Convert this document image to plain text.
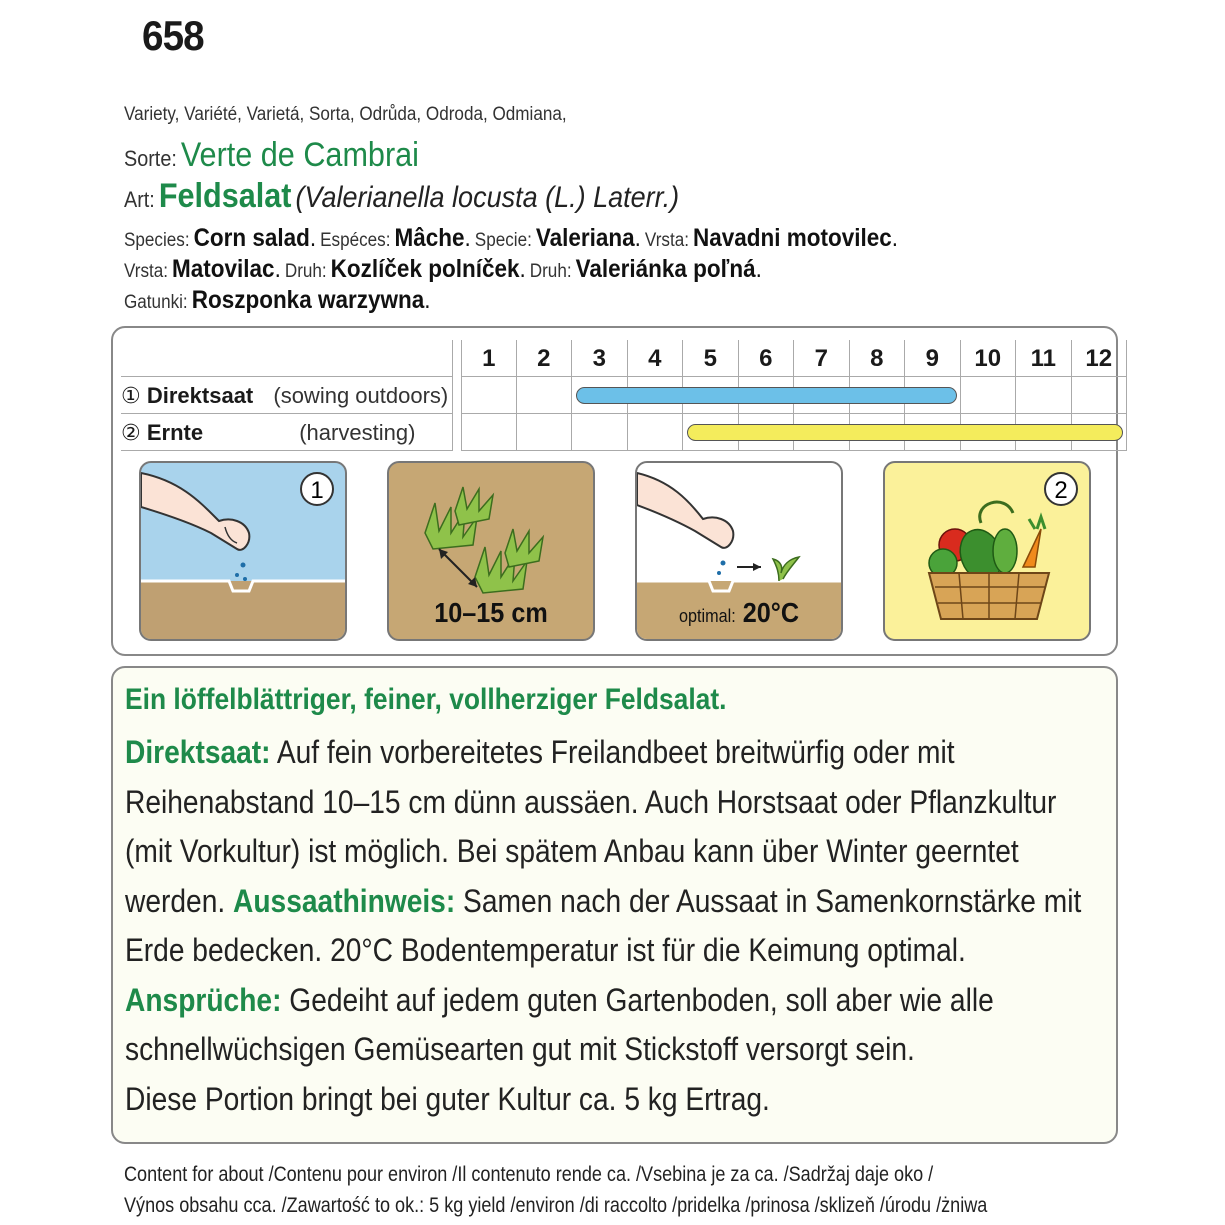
658
Variety, Variété, Varietá, Sorta, Odrůda, Odroda, Odmiana,
Sorte: Verte de Cambrai
Art: Feldsalat (Valerianella locusta (L.) Laterr.)
Species: Corn salad. Espéces: Mâche. Specie: Valeriana. Vrsta: Navadni motovilec.
Vrsta: Matovilac. Druh: Kozlíček polníček. Druh: Valeriánka poľná.
Gatunki: Roszponka warzywna.
1	2	3	4	5	6	7	8	9	10	11	12
① Direktsaat (sowing outdoors)
② Ernte	(harvesting)
1
10–15 cm	optimal: 20°C
2
Ein löffelblättriger, feiner, vollherziger Feldsalat.
Direktsaat: Auf fein vorbereitetes Freilandbeet breitwürfig oder mit Reihenabstand 10–15 cm dünn aussäen. Auch Horstsaat oder Pflanzkultur (mit Vorkultur) ist möglich. Bei spätem Anbau kann über Winter geerntet werden. Aussaathinweis: Samen nach der Aussaat in Samenkornstärke mit Erde bedecken. 20°C Bodentemperatur ist für die Keimung optimal.
Ansprüche: Gedeiht auf jedem guten Gartenboden, soll aber wie alle schnellwüchsigen Gemüsearten gut mit Stickstoff versorgt sein.
Diese Portion bringt bei guter Kultur ca. 5 kg Ertrag.
Content for about /Contenu pour environ /Il contenuto rende ca. /Vsebina je za ca. /Sadržaj daje oko /
Výnos obsahu cca. /Zawartość to ok.: 5 kg yield /environ /di raccolto /pridelka /prinosa /sklizeň /úrodu /żniwa
